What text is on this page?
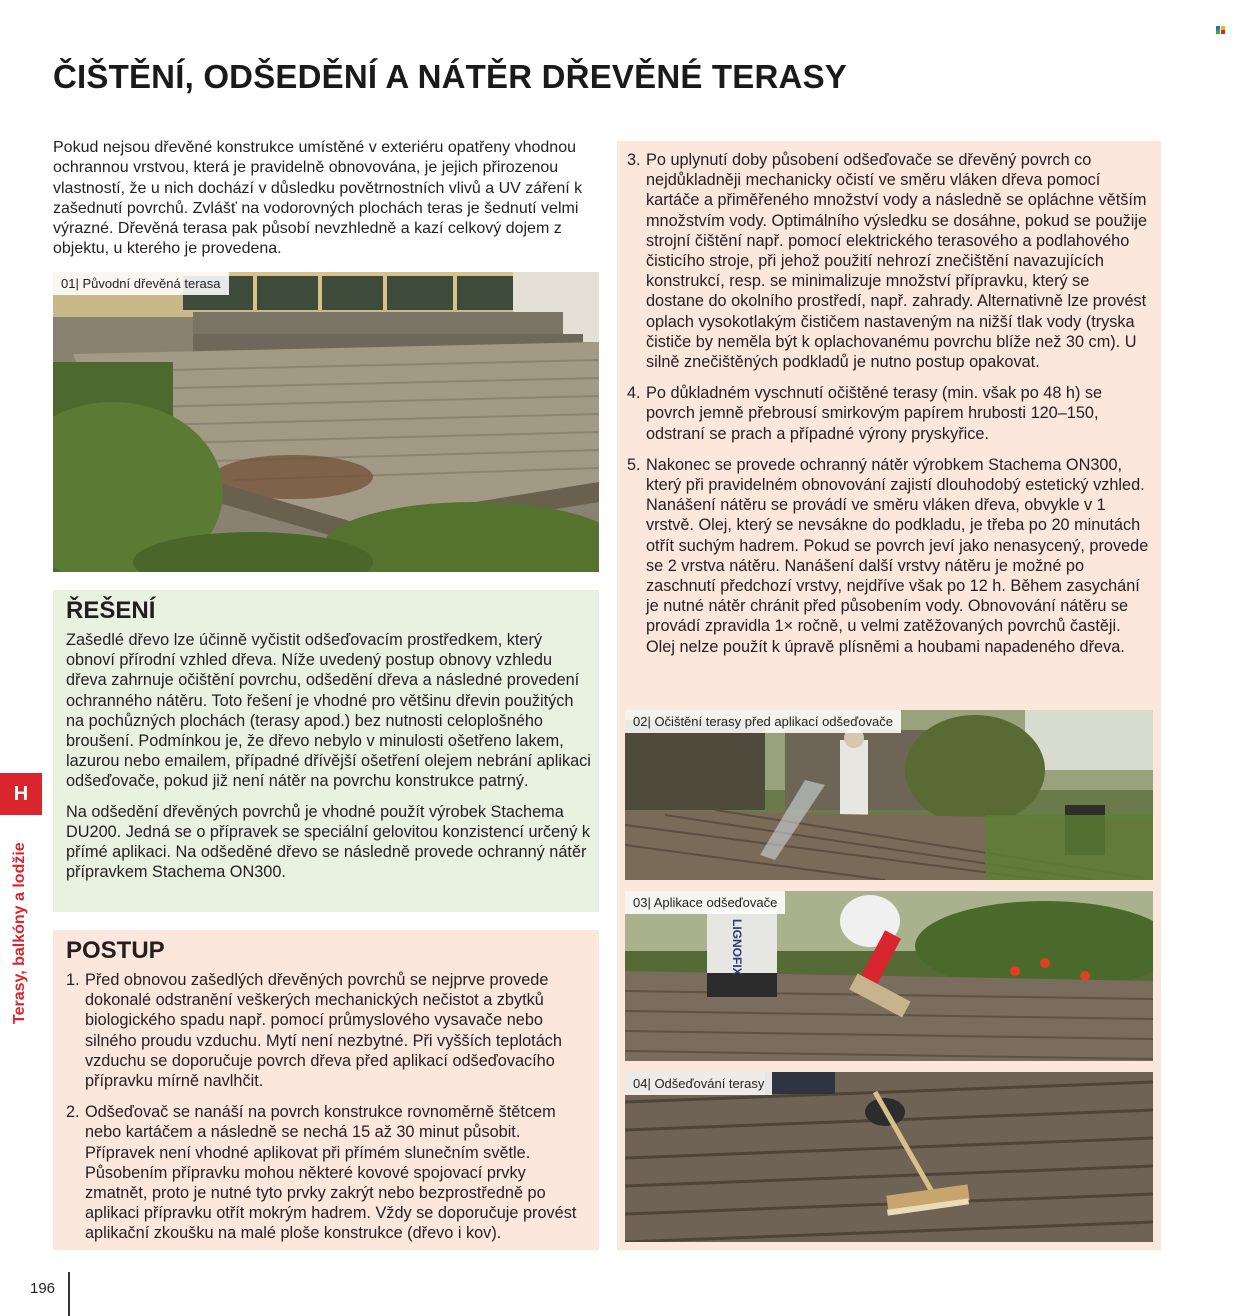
ČIŠTĚNÍ, ODŠEDĚNÍ A NÁTĚR DŘEVĚNÉ TERASY
Pokud nejsou dřevěné konstrukce umístěné v exteriéru opatřeny vhodnou ochrannou vrstvou, která je pravidelně obnovována, je jejich přirozenou vlastností, že u nich dochází v důsledku povětrnostních vlivů a UV záření k zašednutí povrchů. Zvlášť na vodorovných plochách teras je šednutí velmi výrazné. Dřevěná terasa pak působí nevzhledně a kazí celkový dojem z objektu, u kterého je provedena.
01| Původní dřevěná terasa
ŘEŠENÍ
Zašedlé dřevo lze účinně vyčistit odšeďovacím prostředkem, který obnoví přírodní vzhled dřeva. Níže uvedený postup obnovy vzhledu dřeva zahrnuje očištění povrchu, odšedění dřeva a následné provedení ochranného nátěru. Toto řešení je vhodné pro většinu dřevin použitých na pochůzných plochách (terasy apod.) bez nutnosti celoplošného broušení. Podmínkou je, že dřevo nebylo v minulosti ošetřeno lakem, lazurou nebo emailem, případné dřívější ošetření olejem nebrání aplikaci odšeďovače, pokud již není nátěr na povrchu konstrukce patrný.
Na odšedění dřevěných povrchů je vhodné použít výrobek Stachema DU200. Jedná se o přípravek se speciální gelovitou konzistencí určený k přímé aplikaci. Na odšeděné dřevo se následně provede ochranný nátěr přípravkem Stachema ON300.
POSTUP
1. Před obnovou zašedlých dřevěných povrchů se nejprve provede dokonalé odstranění veškerých mechanických nečistot a zbytků biologického spadu např. pomocí průmyslového vysavače nebo silného proudu vzduchu. Mytí není nezbytné. Při vyšších teplotách vzduchu se doporučuje povrch dřeva před aplikací odšeďovacího přípravku mírně navlhčit.
2. Odšeďovač se nanáší na povrch konstrukce rovnoměrně štětcem nebo kartáčem a následně se nechá 15 až 30 minut působit. Přípravek není vhodné aplikovat při přímém slunečním světle. Působením přípravku mohou některé kovové spojovací prvky zmatnět, proto je nutné tyto prvky zakrýt nebo bezprostředně po aplikaci přípravku otřít mokrým hadrem. Vždy se doporučuje provést aplikační zkoušku na malé ploše konstrukce (dřevo i kov).
3. Po uplynutí doby působení odšeďovače se dřevěný povrch co nejdůkladněji mechanicky očistí ve směru vláken dřeva pomocí kartáče a přiměřeného množství vody a následně se opláchne větším množstvím vody. Optimálního výsledku se dosáhne, pokud se použije strojní čištění např. pomocí elektrického terasového a podlahového čisticího stroje, při jehož použití nehrozí znečištění navazujících konstrukcí, resp. se minimalizuje množství přípravku, který se dostane do okolního prostředí, např. zahrady. Alternativně lze provést oplach vysokotlakým čističem nastaveným na nižší tlak vody (tryska čističe by neměla být k oplachovanému povrchu blíže než 30 cm). U silně znečištěných podkladů je nutno postup opakovat.
4. Po důkladném vyschnutí očištěné terasy (min. však po 48 h) se povrch jemně přebrousí smirkovým papírem hrubosti 120–150, odstraní se prach a případné výrony pryskyřice.
5. Nakonec se provede ochranný nátěr výrobkem Stachema ON300, který při pravidelném obnovování zajistí dlouhodobý estetický vzhled. Nanášení nátěru se provádí ve směru vláken dřeva, obvykle v 1 vrstvě. Olej, který se nevsákne do podkladu, je třeba po 20 minutách otřít suchým hadrem. Pokud se povrch jeví jako nenasycený, provede se 2 vrstva nátěru. Nanášení další vrstvy nátěru je možné po zaschnutí předchozí vrstvy, nejdříve však po 12 h. Během zasychání je nutné nátěr chránit před působením vody. Obnovování nátěru se provádí zpravidla 1× ročně, u velmi zatěžovaných povrchů častěji. Olej nelze použít k úpravě plísněmi a houbami napadeného dřeva.
02| Očištění terasy před aplikací odšeďovače
LIGNOFIX
03| Aplikace odšeďovače
04| Odšeďování terasy
H
Terasy, balkóny a lodžie
196
